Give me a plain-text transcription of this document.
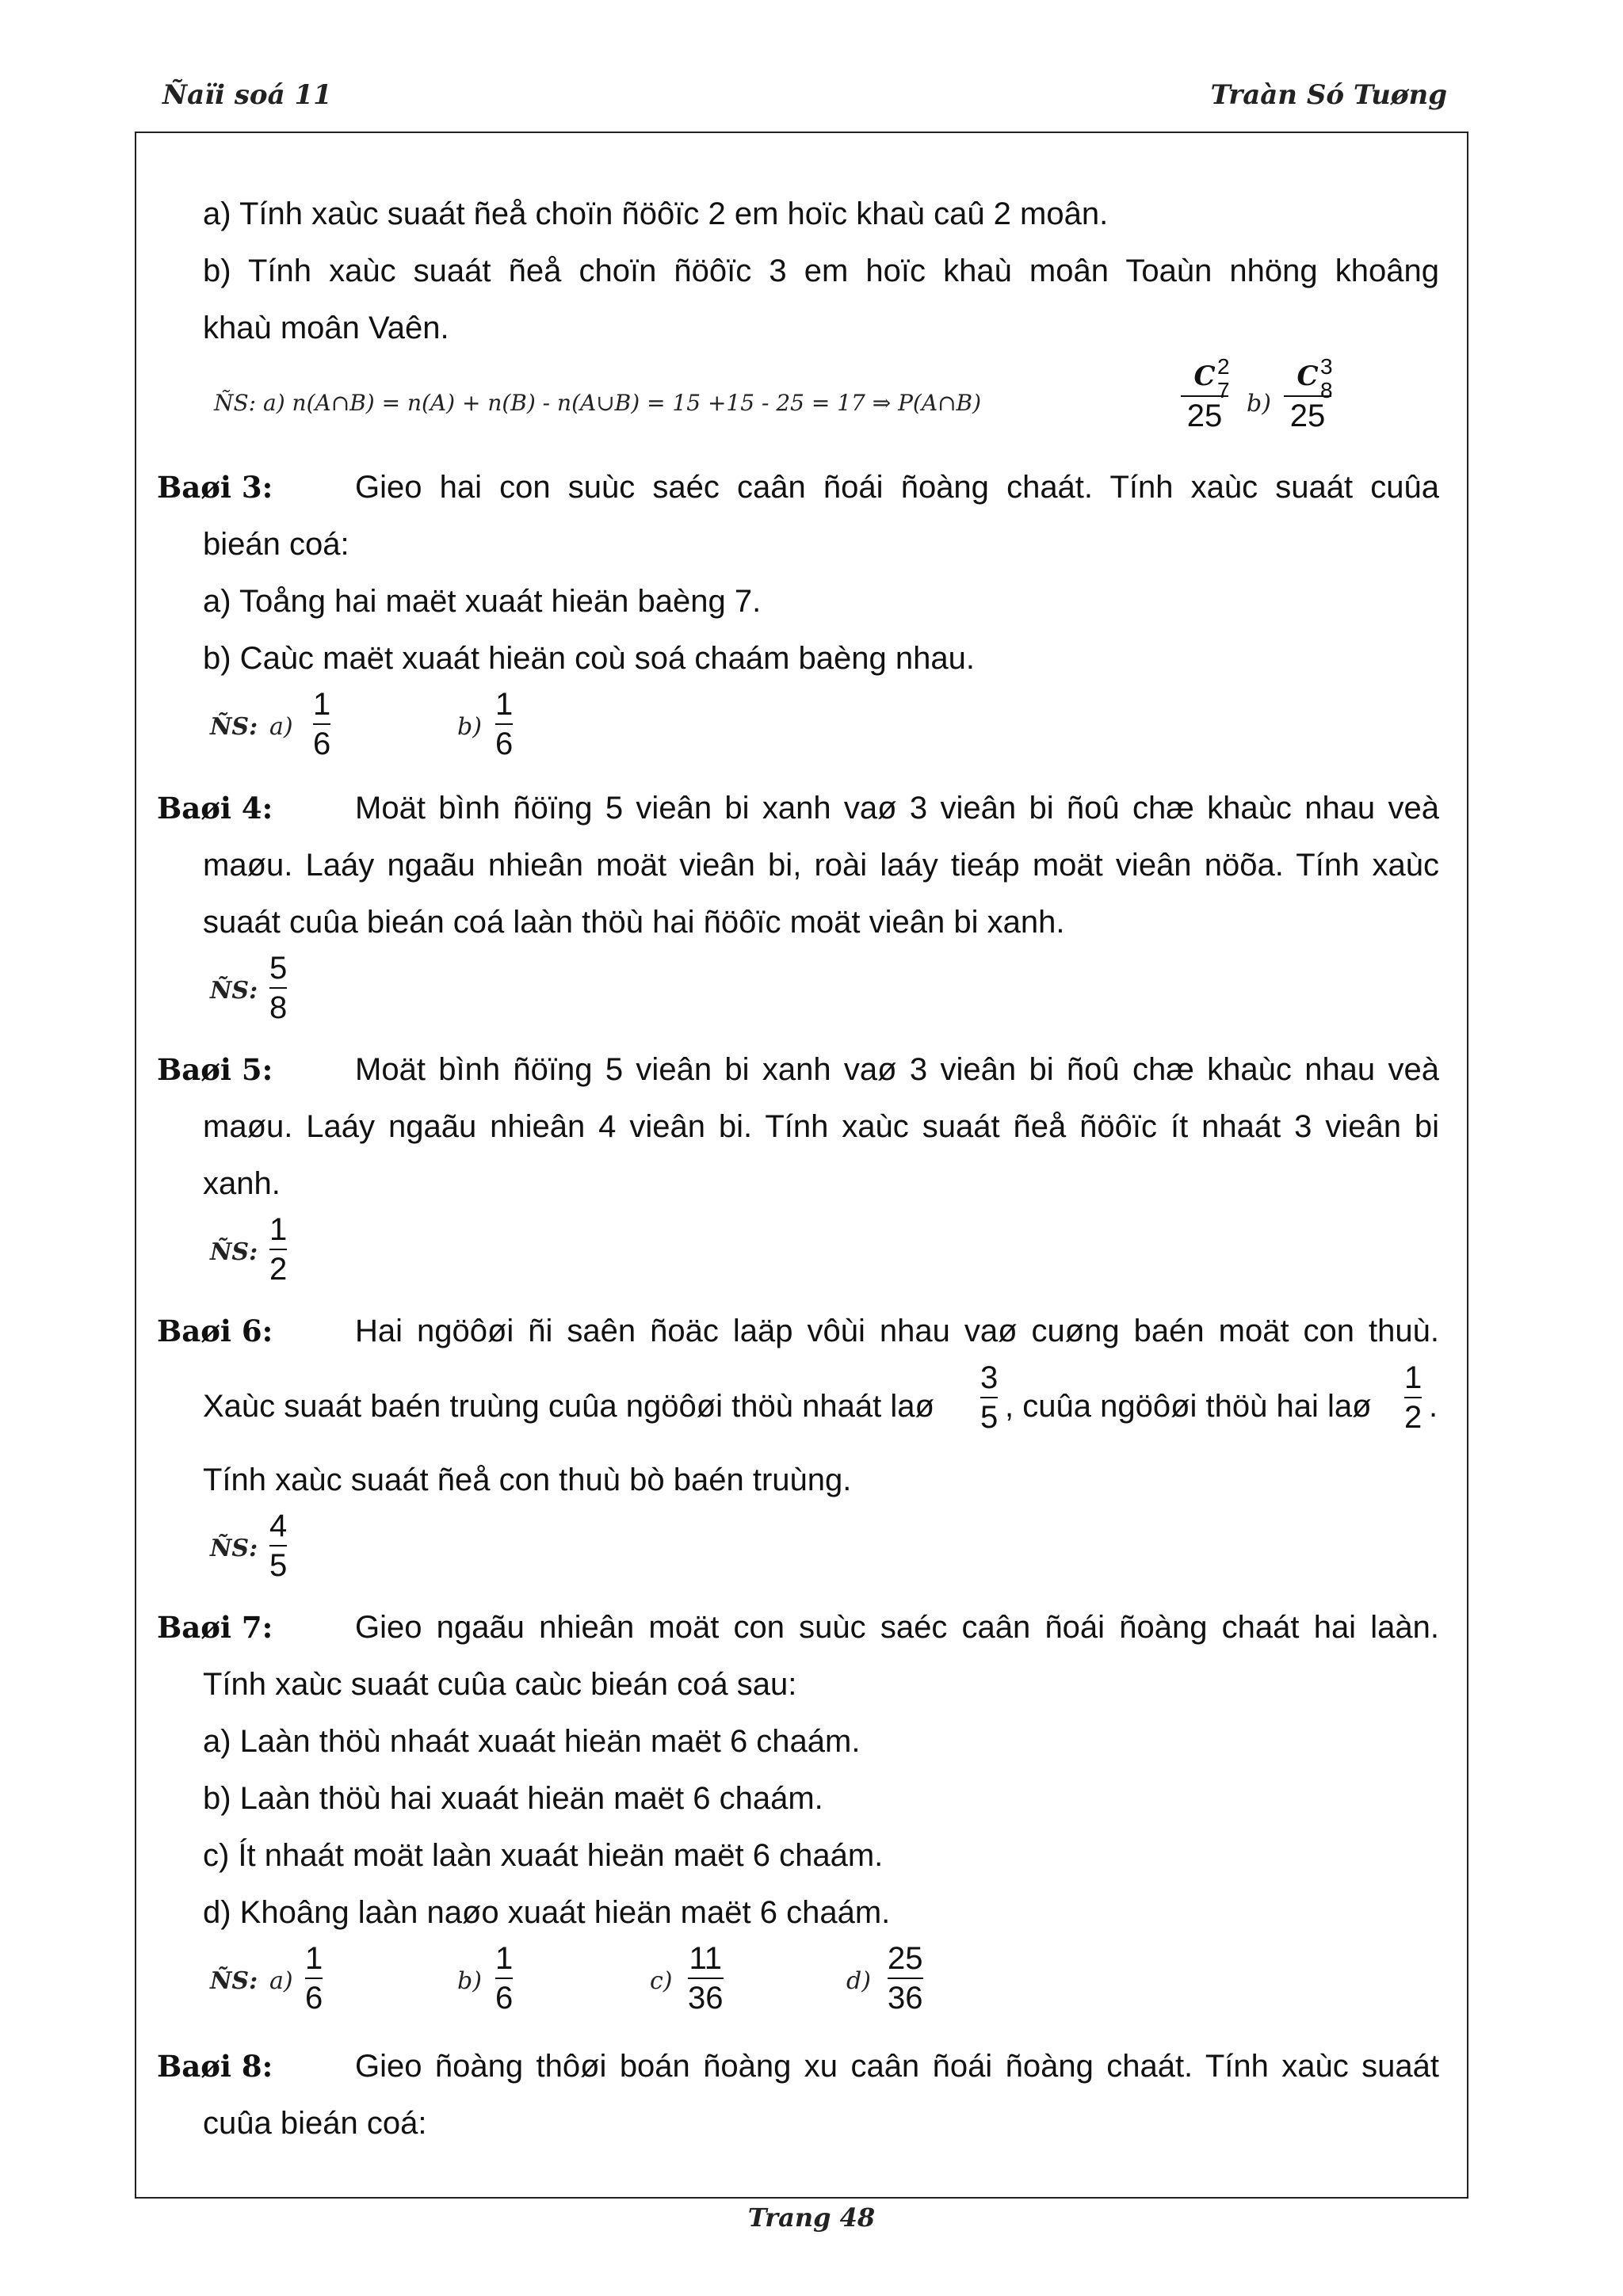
Ñaïi soá 11	Traàn Só Tuøng
a) Tính xaùc suaát ñeå choïn ñöôïc 2 em hoïc khaù caû 2 moân.
b) Tính xaùc suaát ñeå choïn ñöôïc 3 em hoïc khaù moân Toaùn nhöng khoâng
khaù moân Vaên.
ÑS: a) n(A∩B) = n(A) + n(B) - n(A∪B) = 15 +15 - 25 = 17 ⇒ P(A∩B)
C 2
7
25 b)
C 3
8
25
Baøi 3:	Gieo hai con suùc saéc caân ñoái ñoàng chaát. Tính xaùc suaát cuûa
bieán coá:
a) Toång hai maët xuaát hieän baèng 7.
b) Caùc maët xuaát hieän coù soá chaám baèng nhau.
ÑS: a)
1
6	b)
1
6
Baøi 4:	Moät bình ñöïng 5 vieân bi xanh vaø 3 vieân bi ñoû chæ khaùc nhau veà
maøu. Laáy ngaãu nhieân moät vieân bi, roài laáy tieáp moät vieân nöõa. Tính xaùc
suaát cuûa bieán coá laàn thöù hai ñöôïc moät vieân bi xanh.
ÑS:
5
8
Baøi 5:	Moät bình ñöïng 5 vieân bi xanh vaø 3 vieân bi ñoû chæ khaùc nhau veà
maøu. Laáy ngaãu nhieân 4 vieân bi. Tính xaùc suaát ñeå ñöôïc ít nhaát 3 vieân bi
xanh.
ÑS:
1
2
Baøi 6:	Hai ngöôøi ñi saên ñoäc laäp vôùi nhau vaø cuøng baén moät con thuù.
Xaùc suaát baén truùng cuûa ngöôøi thöù nhaát laø
3
5 , cuûa ngöôøi thöù hai laø
1
2 .
Tính xaùc suaát ñeå con thuù bò baén truùng.
ÑS:
4
5
Baøi 7:	Gieo ngaãu nhieân moät con suùc saéc caân ñoái ñoàng chaát hai laàn.
Tính xaùc suaát cuûa caùc bieán coá sau:
a) Laàn thöù nhaát xuaát hieän maët 6 chaám.
b) Laàn thöù hai xuaát hieän maët 6 chaám.
c) Ít nhaát moät laàn xuaát hieän maët 6 chaám.
d) Khoâng laàn naøo xuaát hieän maët 6 chaám.
ÑS: a)
1
6	b)
1
6	c)
11
36	d)
25
36
Baøi 8:	Gieo ñoàng thôøi boán ñoàng xu caân ñoái ñoàng chaát. Tính xaùc suaát
cuûa bieán coá:
Trang 48
